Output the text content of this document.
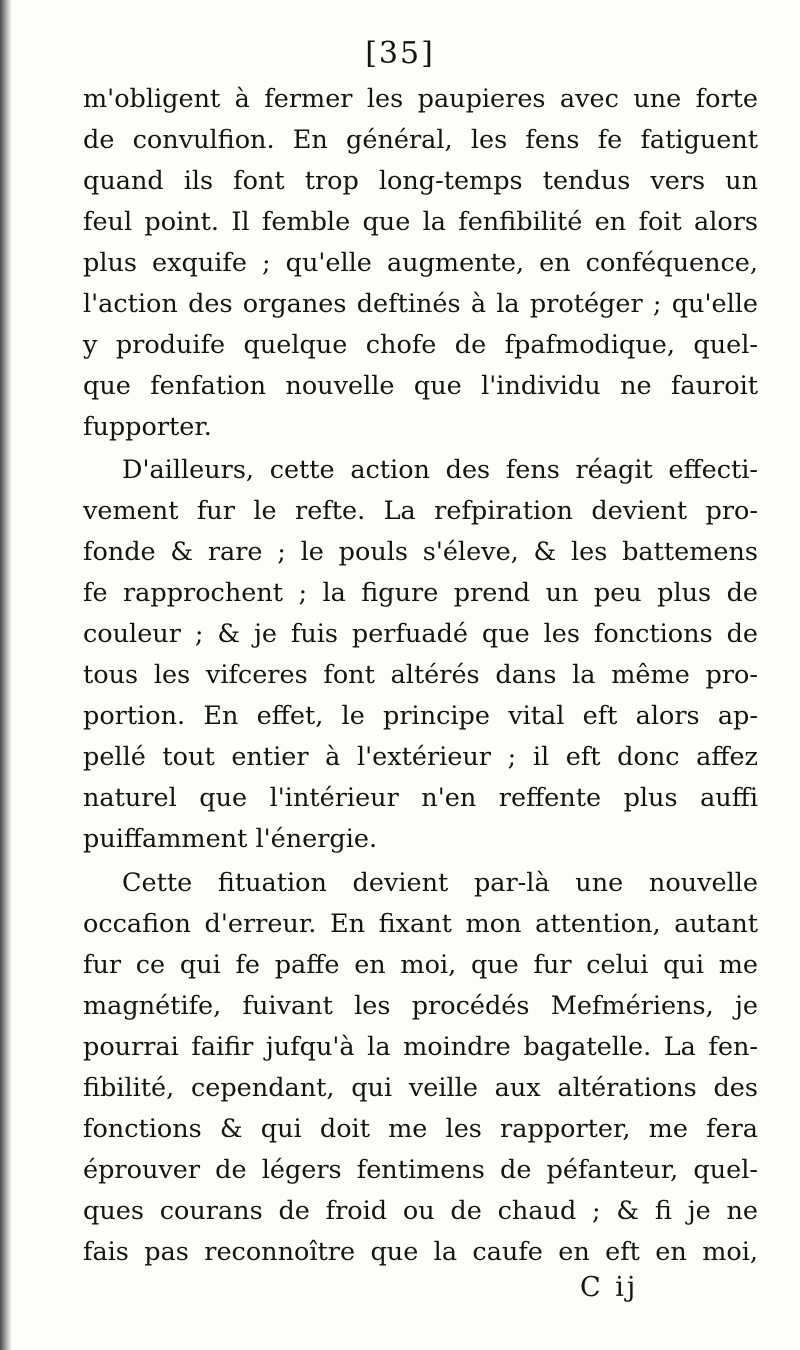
[35]
m'obligent à fermer les paupieres avec une forte
de convulfion. En général, les fens fe fatiguent
quand ils font trop long-temps tendus vers un
feul point. Il femble que la fenfibilité en foit alors
plus exquife ; qu'elle augmente, en conféquence,
l'action des organes deftinés à la protéger ; qu'elle
y produife quelque chofe de fpafmodique, quel-
que fenfation nouvelle que l'individu ne fauroit
fupporter.
D'ailleurs, cette action des fens réagit effecti-
vement fur le refte. La refpiration devient pro-
fonde & rare ; le pouls s'éleve, & les battemens
fe rapprochent ; la figure prend un peu plus de
couleur ; & je fuis perfuadé que les fonctions de
tous les vifceres font altérés dans la même pro-
portion. En effet, le principe vital eft alors ap-
pellé tout entier à l'extérieur ; il eft donc affez
naturel que l'intérieur n'en reffente plus auffi
puiffamment l'énergie.
Cette fituation devient par-là une nouvelle
occafion d'erreur. En fixant mon attention, autant
fur ce qui fe paffe en moi, que fur celui qui me
magnétife, fuivant les procédés Mefmériens, je
pourrai faifir jufqu'à la moindre bagatelle. La fen-
fibilité, cependant, qui veille aux altérations des
fonctions & qui doit me les rapporter, me fera
éprouver de légers fentimens de péfanteur, quel-
ques courans de froid ou de chaud ; & fi je ne
fais pas reconnoître que la caufe en eft en moi,
C ij
